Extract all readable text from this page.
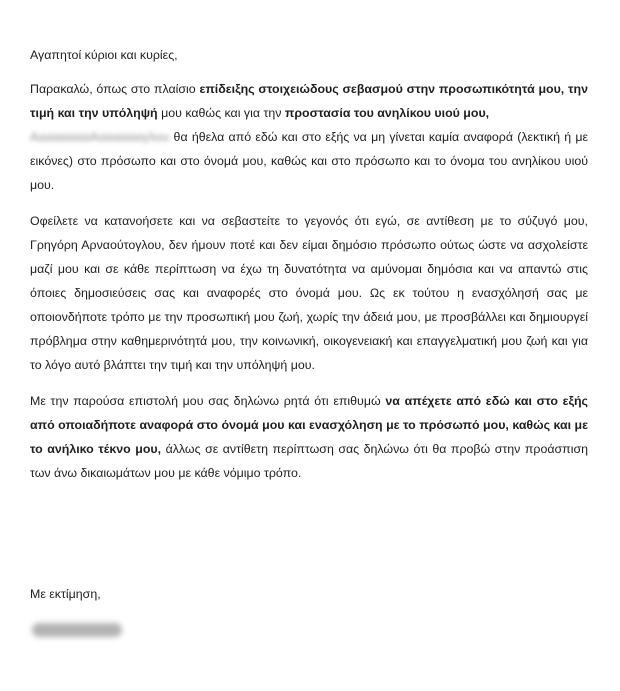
Αγαπητοί κύριοι και κυρίες,

Παρακαλώ, όπως στο πλαίσιο επίδειξης στοιχειώδους σεβασμού στην προσωπικότητά μου, την τιμή και την υπόληψή μου καθώς και για την προστασία του ανηλίκου υιού μου,
ΑαααααααΑααααααγλου θα ήθελα από εδώ και στο εξής να μη γίνεται καμία αναφορά (λεκτική ή με εικόνες) στο πρόσωπο και στο όνομά μου, καθώς και στο πρόσωπο και το όνομα του ανηλίκου υιού μου.

Οφείλετε να κατανοήσετε και να σεβαστείτε το γεγονός ότι εγώ, σε αντίθεση με το σύζυγό μου, Γρηγόρη Αρναούτογλου, δεν ήμουν ποτέ και δεν είμαι δημόσιο πρόσωπο ούτως ώστε να ασχολείστε μαζί μου και σε κάθε περίπτωση να έχω τη δυνατότητα να αμύνομαι δημόσια και να απαντώ στις όποιες δημοσιεύσεις σας και αναφορές στο όνομά μου. Ως εκ τούτου η ενασχόλησή σας με οποιονδήποτε τρόπο με την προσωπική μου ζωή, χωρίς την άδειά μου, με προσβάλλει και δημιουργεί πρόβλημα στην καθημερινότητά μου, την κοινωνική, οικογενειακή και επαγγελματική μου ζωή και για το λόγο αυτό βλάπτει την τιμή και την υπόληψή μου.

Με την παρούσα επιστολή μου σας δηλώνω ρητά ότι επιθυμώ να απέχετε από εδώ και στο εξής από οποιαδήποτε αναφορά στο όνομά μου και ενασχόληση με το πρόσωπό μου, καθώς και με το ανήλικο τέκνο μου, άλλως σε αντίθετη περίπτωση σας δηλώνω ότι θα προβώ στην προάσπιση των άνω δικαιωμάτων μου με κάθε νόμιμο τρόπο.

Με εκτίμηση,
